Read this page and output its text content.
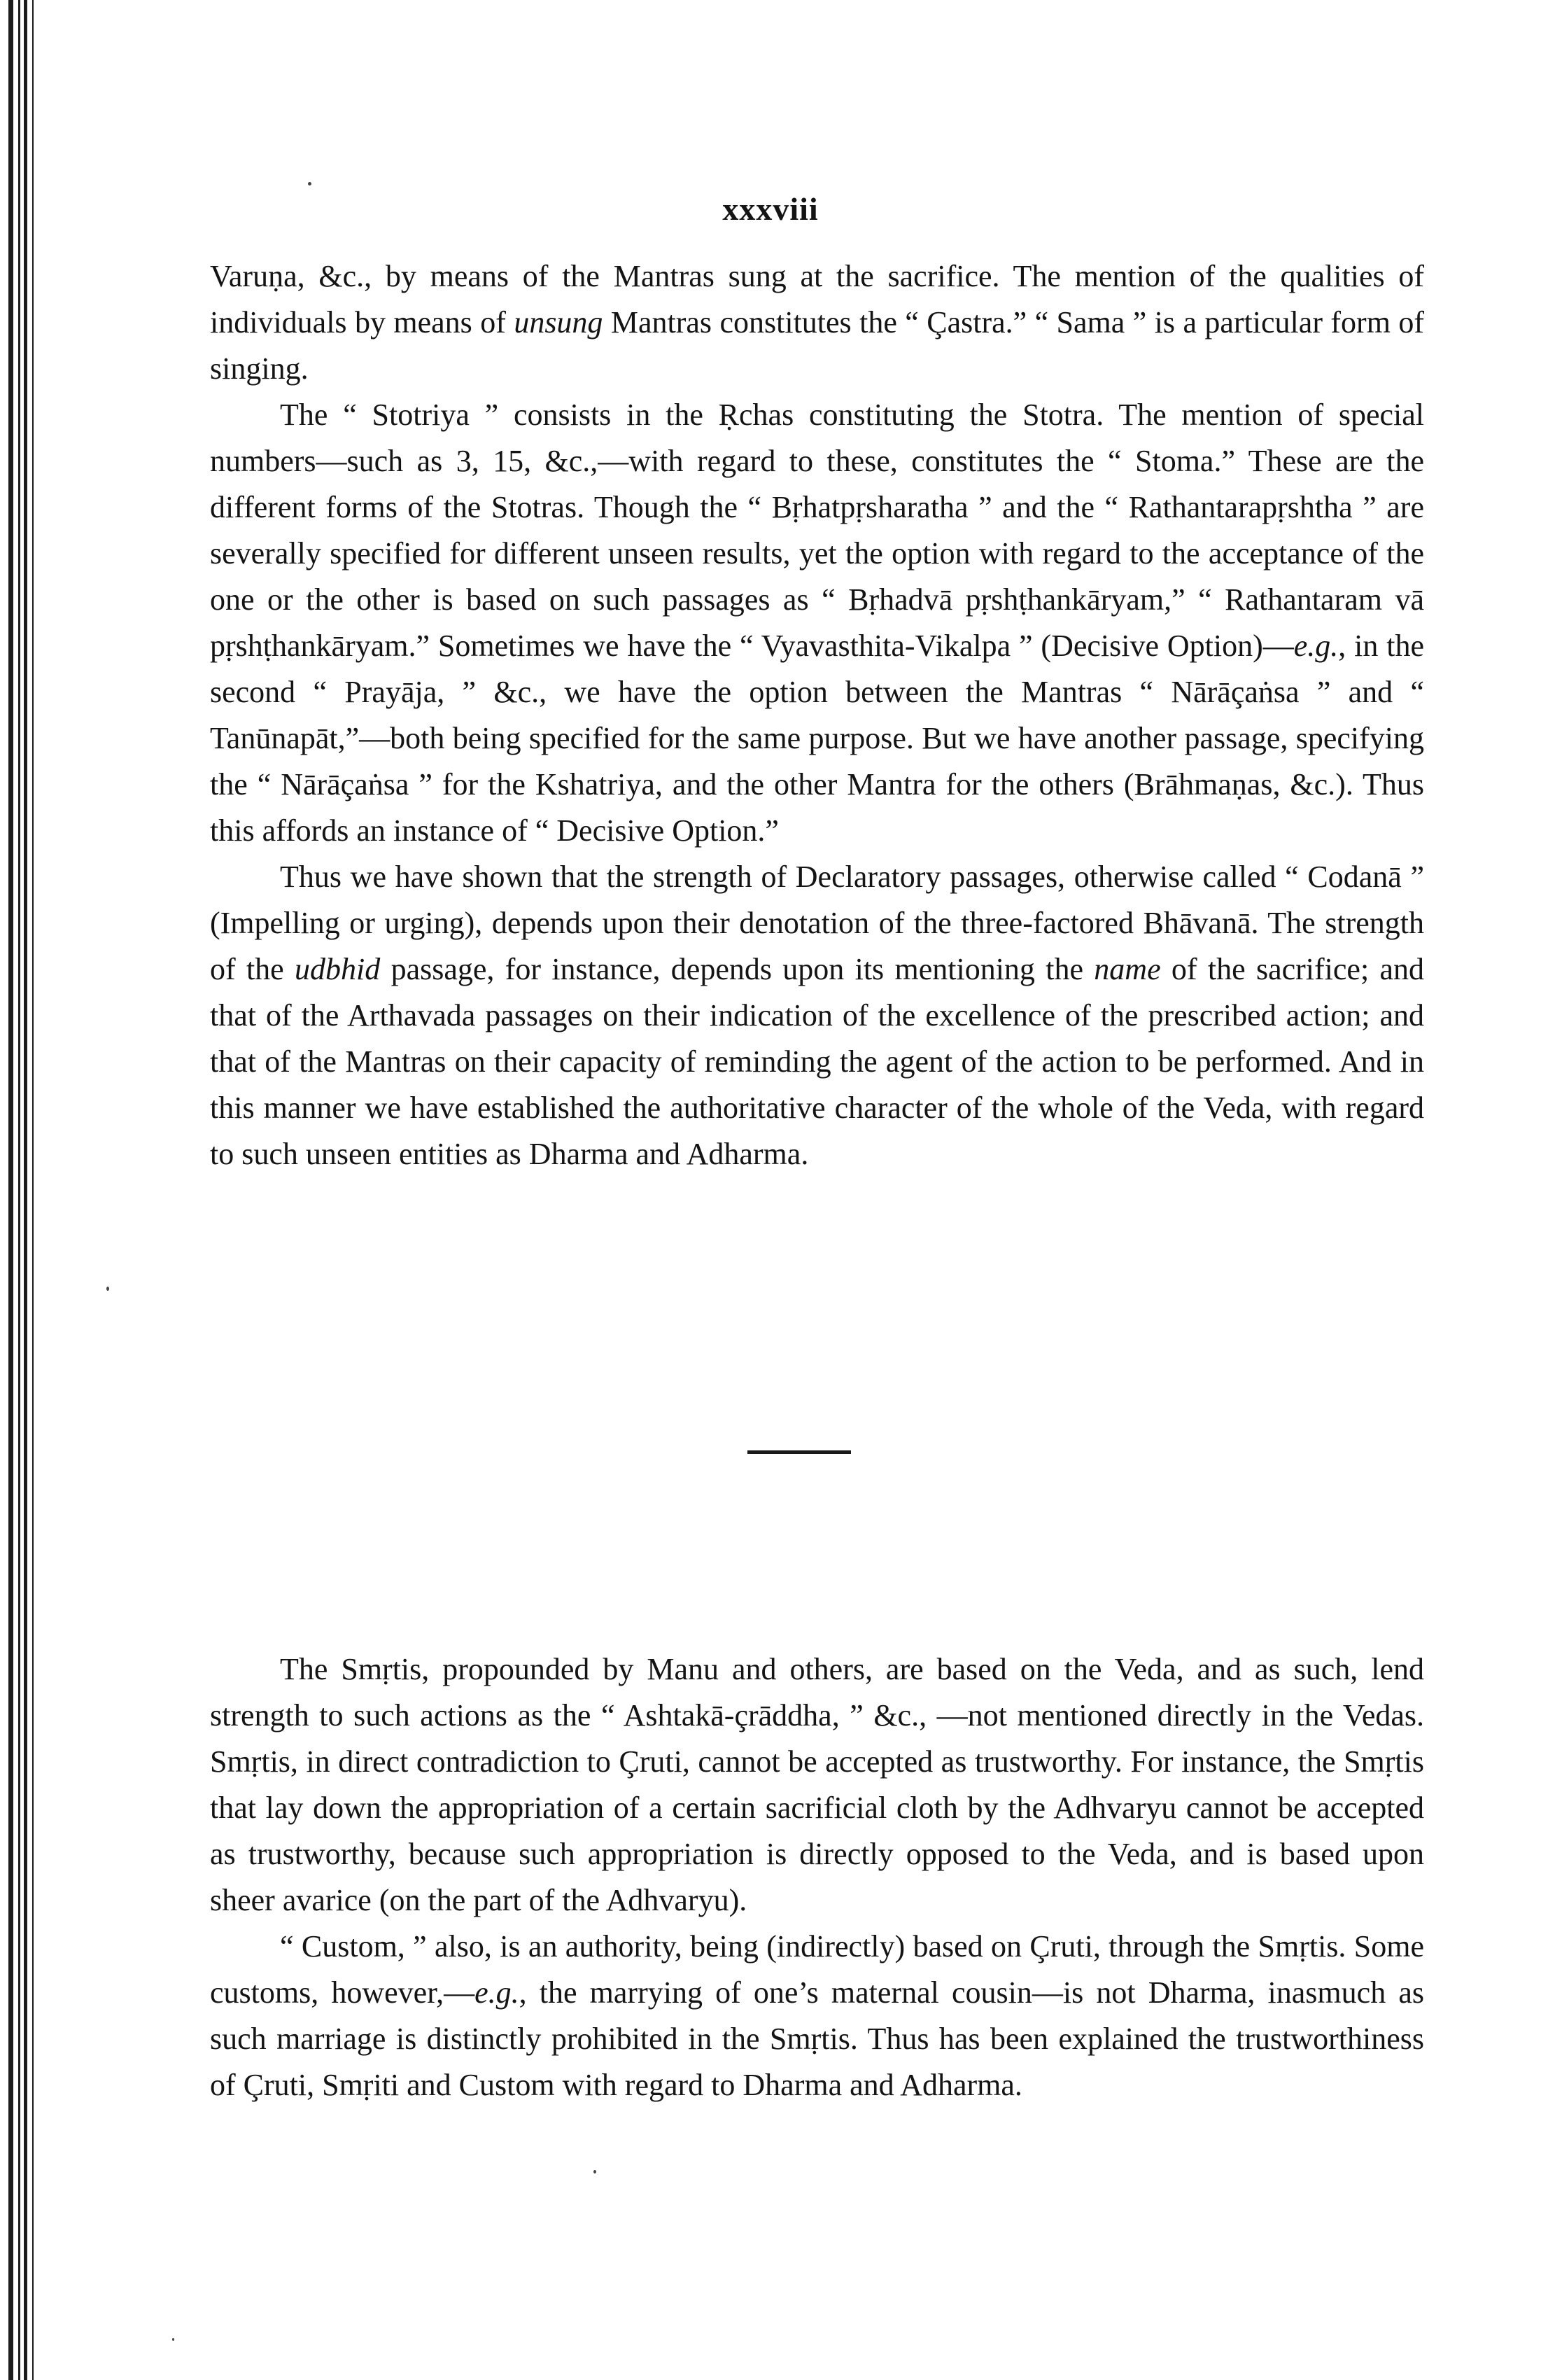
xxxviii

Varuṇa, &c., by means of the Mantras sung at the sacrifice. The mention of the qualities of individuals by means of unsung Mantras constitutes the “ Çastra.” “ Sama ” is a particular form of singing.

The “ Stotriya ” consists in the Ṛchas constituting the Stotra. The mention of special numbers—such as 3, 15, &c.,—with regard to these, constitutes the “ Stoma.” These are the different forms of the Stotras. Though the “ Bṛhatpṛsharatha ” and the “ Rathantarapṛshtha ” are severally specified for different unseen results, yet the option with regard to the acceptance of the one or the other is based on such passages as “ Bṛhadvā pṛshṭhankāryam,” “ Rathantaram vā pṛshṭhankāryam.” Sometimes we have the “ Vyavasthita-Vikalpa ” (Decisive Option)—e.g., in the second “ Prayāja, ” &c., we have the option between the Mantras “ Nārāçaṅsa ” and “ Tanūnapāt,”—both being specified for the same purpose. But we have another passage, specifying the “ Nārāçaṅsa ” for the Kshatriya, and the other Mantra for the others (Brāhmaṇas, &c.). Thus this affords an instance of “ Decisive Option.”

Thus we have shown that the strength of Declaratory passages, otherwise called “ Codanā ” (Impelling or urging), depends upon their denotation of the three-factored Bhāvanā. The strength of the udbhid passage, for instance, depends upon its mentioning the name of the sacrifice; and that of the Arthavada passages on their indication of the excellence of the prescribed action; and that of the Mantras on their capacity of reminding the agent of the action to be performed. And in this manner we have established the authoritative character of the whole of the Veda, with regard to such unseen entities as Dharma and Adharma.

The Smṛtis, propounded by Manu and others, are based on the Veda, and as such, lend strength to such actions as the “ Ashtakā-çrāddha, ” &c., —not mentioned directly in the Vedas. Smṛtis, in direct contradiction to Çruti, cannot be accepted as trustworthy. For instance, the Smṛtis that lay down the appropriation of a certain sacrificial cloth by the Adhvaryu cannot be accepted as trustworthy, because such appropriation is directly opposed to the Veda, and is based upon sheer avarice (on the part of the Adhvaryu).

“ Custom, ” also, is an authority, being (indirectly) based on Çruti, through the Smṛtis. Some customs, however,—e.g., the marrying of one’s maternal cousin—is not Dharma, inasmuch as such marriage is distinctly prohibited in the Smṛtis. Thus has been explained the trustworthiness of Çruti, Smṛiti and Custom with regard to Dharma and Adharma.
